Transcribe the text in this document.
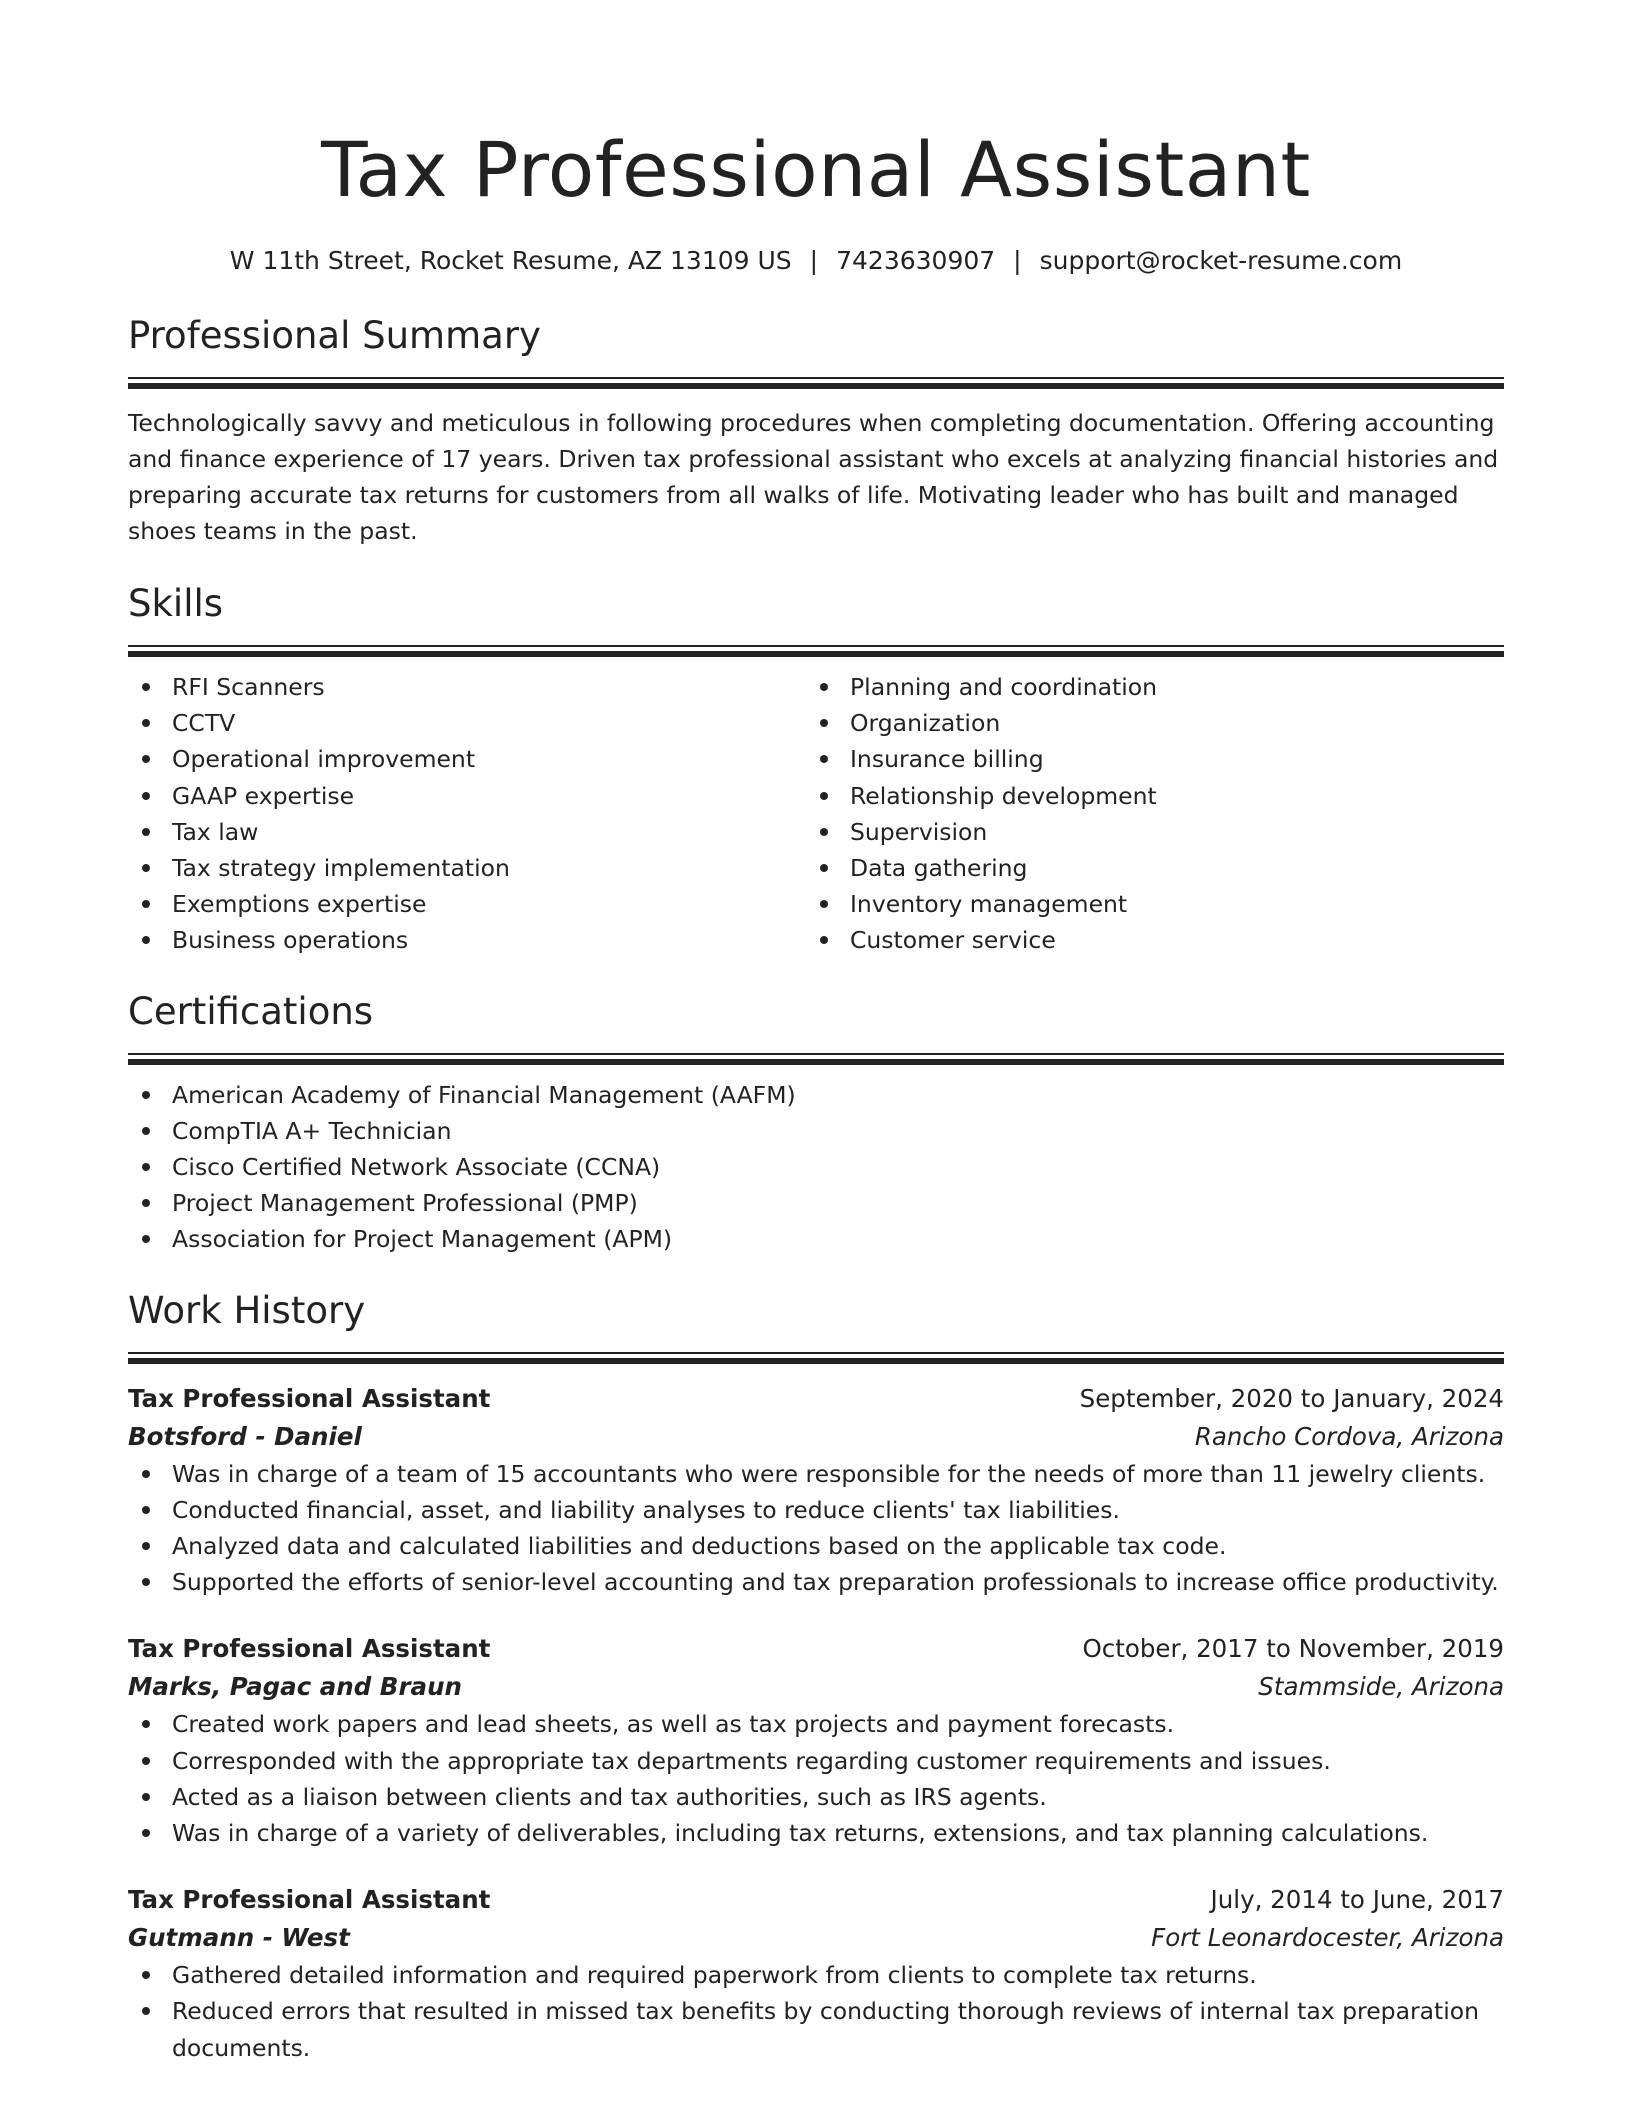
Tax Professional Assistant
W 11th Street, Rocket Resume, AZ 13109 US | 7423630907 | support@rocket-resume.com
Professional Summary
Technologically savvy and meticulous in following procedures when completing documentation. Offering accounting and finance experience of 17 years. Driven tax professional assistant who excels at analyzing financial histories and preparing accurate tax returns for customers from all walks of life. Motivating leader who has built and managed shoes teams in the past.
Skills
RFI Scanners
CCTV
Operational improvement
GAAP expertise
Tax law
Tax strategy implementation
Exemptions expertise
Business operations
Planning and coordination
Organization
Insurance billing
Relationship development
Supervision
Data gathering
Inventory management
Customer service
Certifications
American Academy of Financial Management (AAFM)
CompTIA A+ Technician
Cisco Certified Network Associate (CCNA)
Project Management Professional (PMP)
Association for Project Management (APM)
Work History
Tax Professional Assistant	September, 2020 to January, 2024
Botsford - Daniel	Rancho Cordova, Arizona
Was in charge of a team of 15 accountants who were responsible for the needs of more than 11 jewelry clients.
Conducted financial, asset, and liability analyses to reduce clients' tax liabilities.
Analyzed data and calculated liabilities and deductions based on the applicable tax code.
Supported the efforts of senior-level accounting and tax preparation professionals to increase office productivity.
Tax Professional Assistant	October, 2017 to November, 2019
Marks, Pagac and Braun	Stammside, Arizona
Created work papers and lead sheets, as well as tax projects and payment forecasts.
Corresponded with the appropriate tax departments regarding customer requirements and issues.
Acted as a liaison between clients and tax authorities, such as IRS agents.
Was in charge of a variety of deliverables, including tax returns, extensions, and tax planning calculations.
Tax Professional Assistant	July, 2014 to June, 2017
Gutmann - West	Fort Leonardocester, Arizona
Gathered detailed information and required paperwork from clients to complete tax returns.
Reduced errors that resulted in missed tax benefits by conducting thorough reviews of internal tax preparation documents.
